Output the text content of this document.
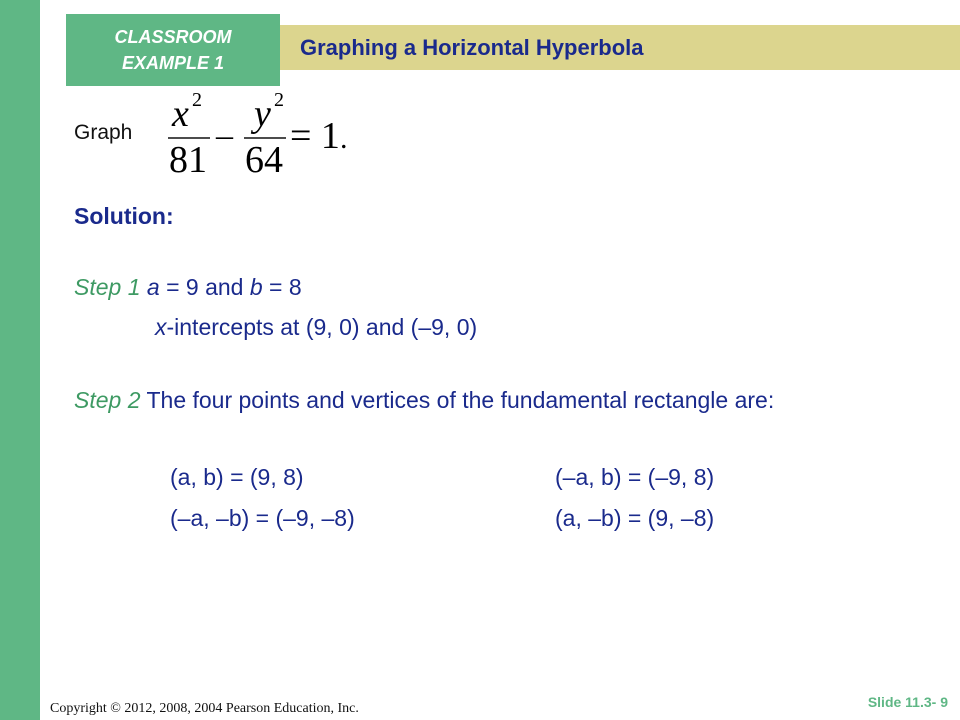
CLASSROOM
EXAMPLE 1
Graphing a Horizontal Hyperbola
Graph x 2
81
–
y 2
64
= 1 .
Solution:
Step 1 a = 9 and b = 8
x-intercepts at (9, 0) and (–9, 0)
Step 2 The four points and vertices of the fundamental rectangle are:
(a, b) = (9, 8)	(–a, b) = (–9, 8)
(–a, –b) = (–9, –8)	(a, –b) = (9, –8)
Copyright © 2012, 2008, 2004 Pearson Education, Inc.	Slide 11.3- 9
